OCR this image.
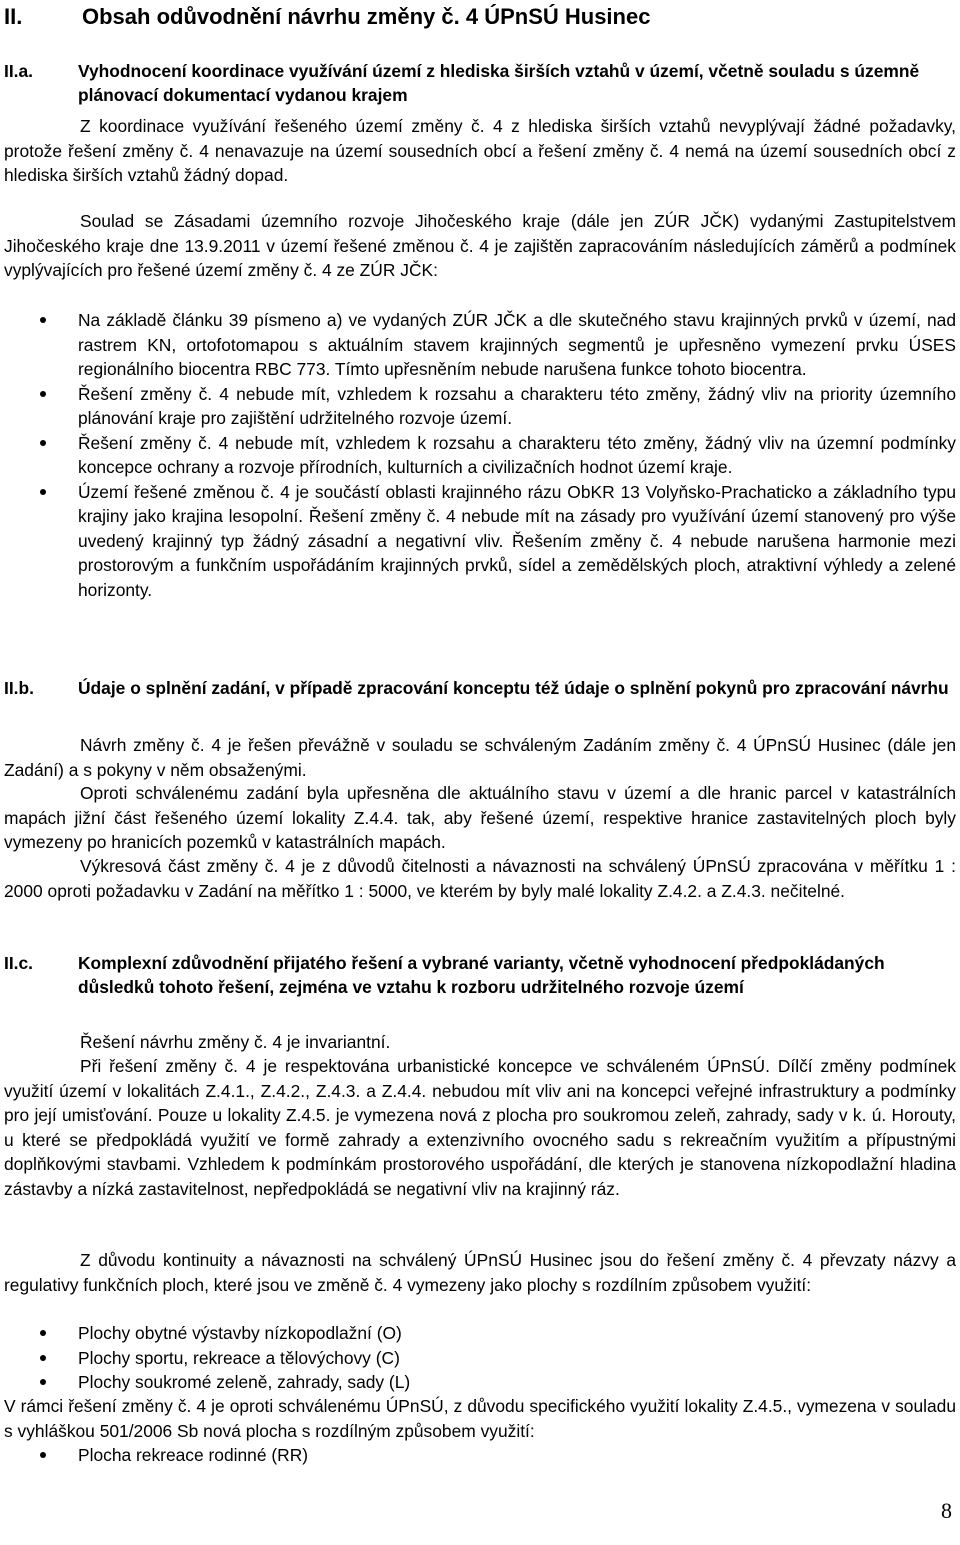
II.	Obsah odůvodnění návrhu změny č. 4 ÚPnSÚ Husinec
II.a.	Vyhodnocení koordinace využívání území z hlediska širších vztahů v území, včetně souladu s územně plánovací dokumentací vydanou krajem

Z koordinace využívání řešeného území změny č. 4 z hlediska širších vztahů nevyplývají žádné požadavky, protože řešení změny č. 4 nenavazuje na území sousedních obcí a řešení změny č. 4 nemá na území sousedních obcí z hlediska širších vztahů žádný dopad.

Soulad se Zásadami územního rozvoje Jihočeského kraje (dále jen ZÚR JČK) vydanými Zastupitelstvem Jihočeského kraje dne 13.9.2011 v území řešené změnou č. 4 je zajištěn zapracováním následujících záměrů a podmínek vyplývajících pro řešené území změny č. 4 ze ZÚR JČK:

Na základě článku 39 písmeno a) ve vydaných ZÚR JČK a dle skutečného stavu krajinných prvků v území, nad rastrem KN, ortofotomapou s aktuálním stavem krajinných segmentů je upřesněno vymezení prvku ÚSES regionálního biocentra RBC 773. Tímto upřesněním nebude narušena funkce tohoto biocentra.
Řešení změny č. 4 nebude mít, vzhledem k rozsahu a charakteru této změny, žádný vliv na priority územního plánování kraje pro zajištění udržitelného rozvoje území.
Řešení změny č. 4 nebude mít, vzhledem k rozsahu a charakteru této změny, žádný vliv na územní podmínky koncepce ochrany a rozvoje přírodních, kulturních a civilizačních hodnot území kraje.
Území řešené změnou č. 4 je součástí oblasti krajinného rázu ObKR 13 Volyňsko-Prachaticko a základního typu krajiny jako krajina lesopolní. Řešení změny č. 4 nebude mít na zásady pro využívání území stanovený pro výše uvedený krajinný typ žádný zásadní a negativní vliv. Řešením změny č. 4 nebude narušena harmonie mezi prostorovým a funkčním uspořádáním krajinných prvků, sídel a zemědělských ploch, atraktivní výhledy a zelené horizonty.
II.b.	Údaje o splnění zadání, v případě zpracování konceptu též údaje o splnění pokynů pro zpracování návrhu

Návrh změny č. 4 je řešen převážně v souladu se schváleným Zadáním změny č. 4 ÚPnSÚ Husinec (dále jen Zadání) a s pokyny v něm obsaženými.

Oproti schválenému zadání byla upřesněna dle aktuálního stavu v území a dle hranic parcel v katastrálních mapách jižní část řešeného území lokality Z.4.4. tak, aby řešené území, respektive hranice zastavitelných ploch byly vymezeny po hranicích pozemků v katastrálních mapách.

Výkresová část změny č. 4 je z důvodů čitelnosti a návaznosti na schválený ÚPnSÚ zpracována v měřítku 1 : 2000 oproti požadavku v Zadání na měřítko 1 : 5000, ve kterém by byly malé lokality Z.4.2. a Z.4.3. nečitelné.

II.c.	Komplexní zdůvodnění přijatého řešení a vybrané varianty, včetně vyhodnocení předpokládaných důsledků tohoto řešení, zejména ve vztahu k rozboru udržitelného rozvoje území

Řešení návrhu změny č. 4 je invariantní.

Při řešení změny č. 4 je respektována urbanistické koncepce ve schváleném ÚPnSÚ. Dílčí změny podmínek využití území v lokalitách Z.4.1., Z.4.2., Z.4.3. a Z.4.4. nebudou mít vliv ani na koncepci veřejné infrastruktury a podmínky pro její umisťování. Pouze u lokality Z.4.5. je vymezena nová z plocha pro soukromou zeleň, zahrady, sady v k. ú. Horouty, u které se předpokládá využití ve formě zahrady a extenzivního ovocného sadu s rekreačním využitím a přípustnými doplňkovými stavbami. Vzhledem k podmínkám prostorového uspořádání, dle kterých je stanovena nízkopodlažní hladina zástavby a nízká zastavitelnost, nepředpokládá se negativní vliv na krajinný ráz.

Z důvodu kontinuity a návaznosti na schválený ÚPnSÚ Husinec jsou do řešení změny č. 4 převzaty názvy a regulativy funkčních ploch, které jsou ve změně č. 4 vymezeny jako plochy s rozdílním způsobem využití:

Plochy obytné výstavby nízkopodlažní (O)
Plochy sportu, rekreace a tělovýchovy (C)
Plochy soukromé zeleně, zahrady, sady (L)

V rámci řešení změny č. 4 je oproti schválenému ÚPnSÚ, z důvodu specifického využití lokality Z.4.5., vymezena v souladu s vyhláškou 501/2006 Sb nová plocha s rozdílným způsobem využití:

Plocha rekreace rodinné (RR)
8
